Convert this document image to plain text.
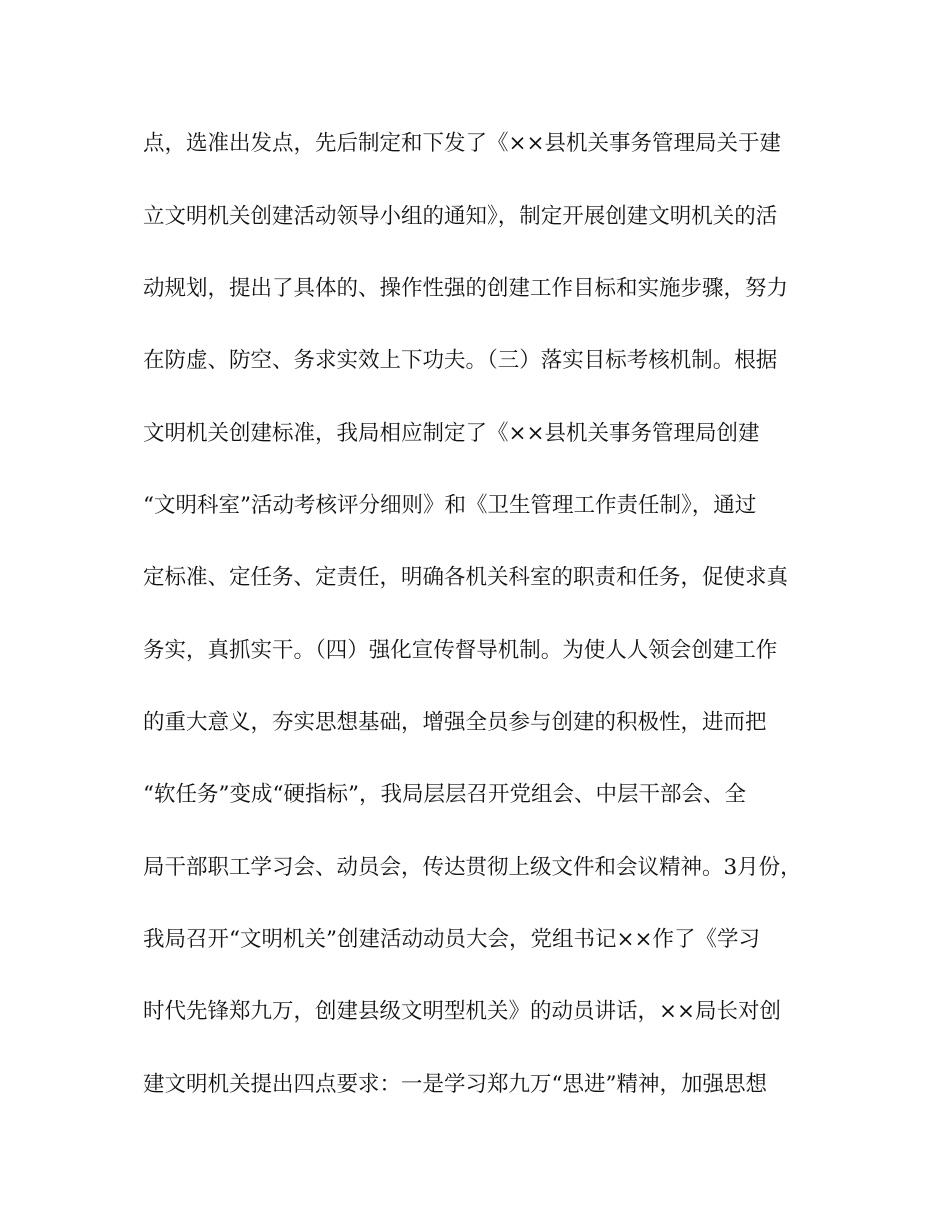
点，选准出发点，先后制定和下发了《××县机关事务管理局关于建
立文明机关创建活动领导小组的通知》，制定开展创建文明机关的活
动规划，提出了具体的、操作性强的创建工作目标和实施步骤，努力
在防虚、防空、务求实效上下功夫。（三）落实目标考核机制。根据
文明机关创建标准，我局相应制定了《××县机关事务管理局创建
“文明科室”活动考核评分细则》和《卫生管理工作责任制》，通过
定标准、定任务、定责任，明确各机关科室的职责和任务，促使求真
务实，真抓实干。（四）强化宣传督导机制。为使人人领会创建工作
的重大意义，夯实思想基础，增强全员参与创建的积极性，进而把
“软任务”变成“硬指标”，我局层层召开党组会、中层干部会、全
局干部职工学习会、动员会，传达贯彻上级文件和会议精神。3月份，
我局召开“文明机关”创建活动动员大会，党组书记××作了《学习
时代先锋郑九万，创建县级文明型机关》的动员讲话，××局长对创
建文明机关提出四点要求：一是学习郑九万“思进”精神，加强思想
